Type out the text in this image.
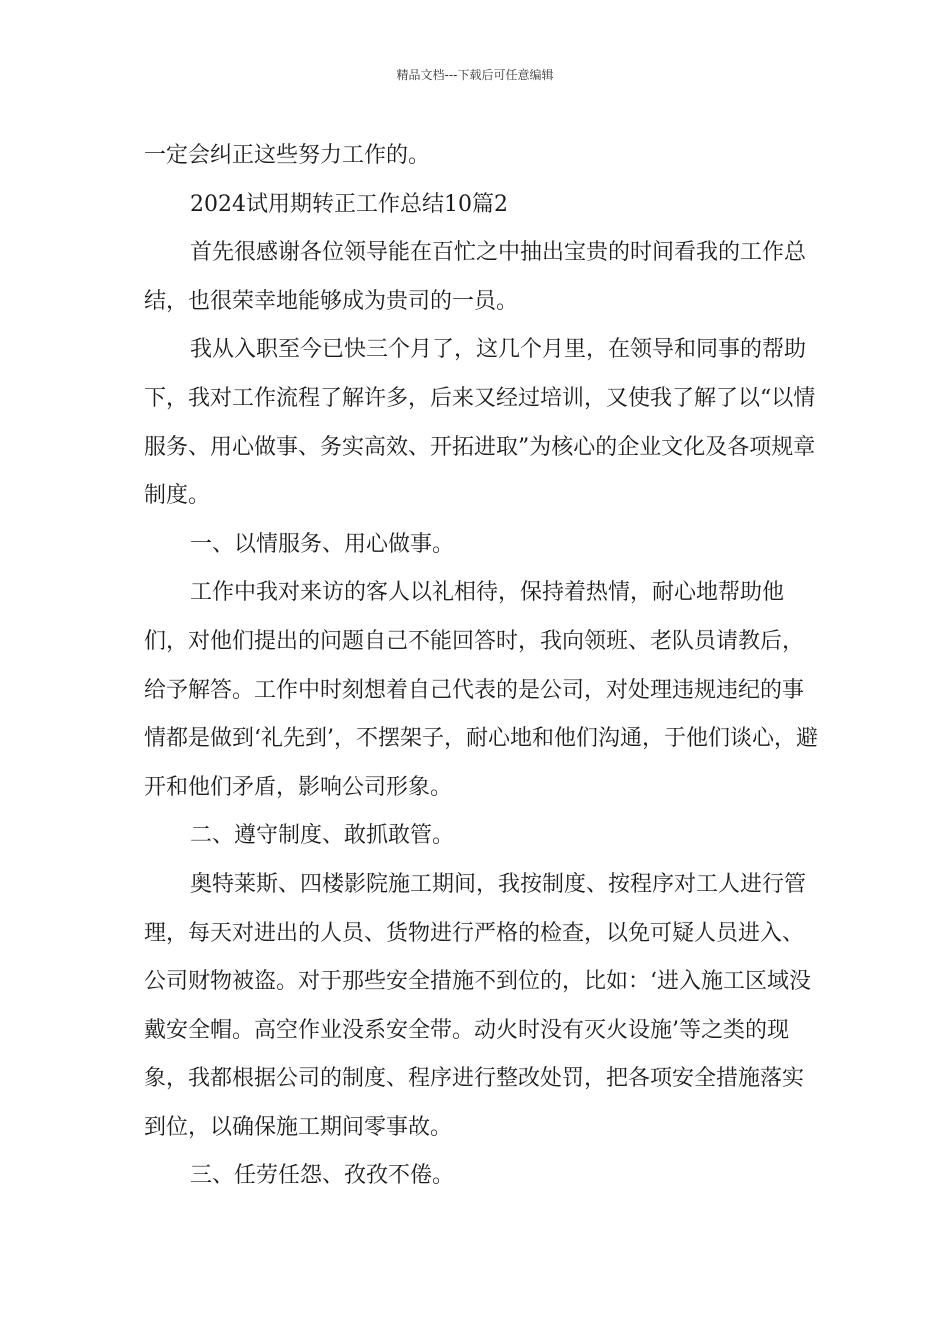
精品文档---下载后可任意编辑

一定会纠正这些努力工作的。

2024试用期转正工作总结10篇2

首先很感谢各位领导能在百忙之中抽出宝贵的时间看我的工作总结，也很荣幸地能够成为贵司的一员。

我从入职至今已快三个月了，这几个月里，在领导和同事的帮助下，我对工作流程了解许多，后来又经过培训，又使我了解了以“以情服务、用心做事、务实高效、开拓进取”为核心的企业文化及各项规章制度。

一、以情服务、用心做事。

工作中我对来访的客人以礼相待，保持着热情，耐心地帮助他们，对他们提出的问题自己不能回答时，我向领班、老队员请教后，给予解答。工作中时刻想着自己代表的是公司，对处理违规违纪的事情都是做到‘礼先到’，不摆架子，耐心地和他们沟通，于他们谈心，避开和他们矛盾，影响公司形象。

二、遵守制度、敢抓敢管。

奥特莱斯、四楼影院施工期间，我按制度、按程序对工人进行管理，每天对进出的人员、货物进行严格的检查，以免可疑人员进入、公司财物被盗。对于那些安全措施不到位的，比如：‘进入施工区域没戴安全帽。高空作业没系安全带。动火时没有灭火设施’等之类的现象，我都根据公司的制度、程序进行整改处罚，把各项安全措施落实到位，以确保施工期间零事故。

三、任劳任怨、孜孜不倦。
